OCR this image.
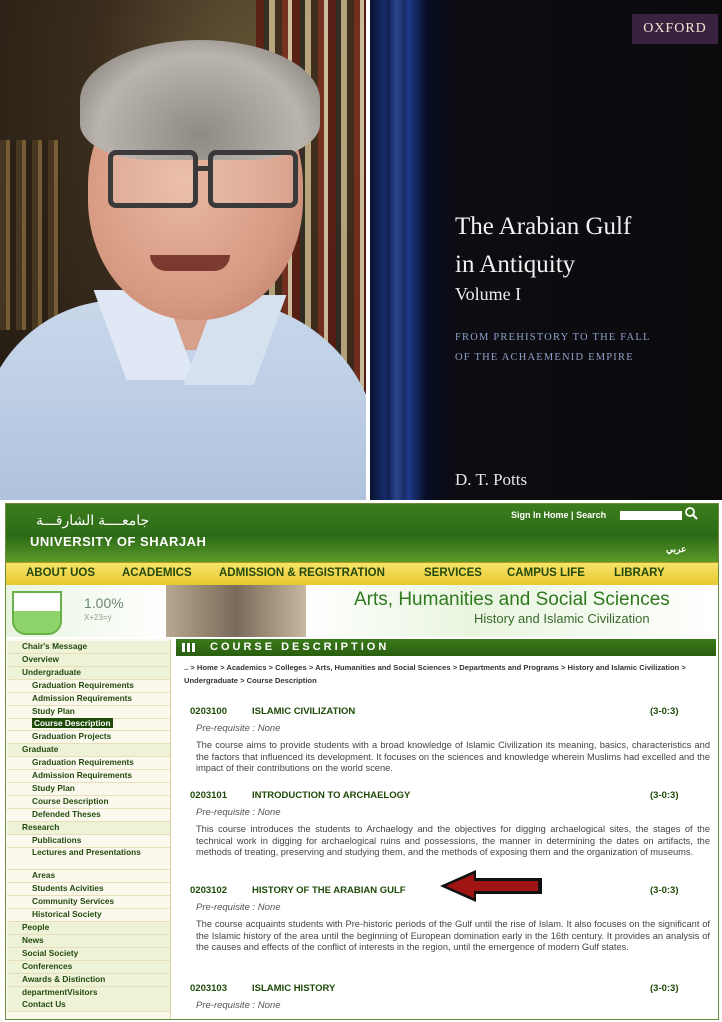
OXFORD
The Arabian Gulf
in Antiquity
Volume I
FROM PREHISTORY TO THE FALL
OF THE ACHAEMENID EMPIRE
D. T. Potts
جامعــــة الشارقـــة
UNIVERSITY OF SHARJAH
Sign In Home | Search
عربي
ABOUT UOS ACADEMICS ADMISSION & REGISTRATION	SERVICES CAMPUS LIFE	LIBRARY
1.00%
X+23=y
Arts, Humanities and Social Sciences
History and Islamic Civilization
Chair's Message
Overview
Undergraduate
Graduation Requirements
Admission Requirements
Study Plan
Course Description
Graduation Projects
Graduate
Graduation Requirements
Admission Requirements
Study Plan
Course Description
Defended Theses
Research
Publications
Lectures and Presentations
Areas
Students Acivities
Community Services
Historical Society
People
News
Social Society
Conferences
Awards & Distinction
departmentVisitors
Contact Us
COURSE DESCRIPTION
.. > Home > Academics > Colleges > Arts, Humanities and Social Sciences > Departments and Programs > History and Islamic Civilization > Undergraduate > Course Description
0203100	ISLAMIC CIVILIZATION	(3-0:3)
Pre-requisite : None
The course aims to provide students with a broad knowledge of Islamic Civilization its meaning, basics, characteristics and the factors that influenced its development. It focuses on the sciences and knowledge wherein Muslims had excelled and the impact of their contributions on the world scene.
0203101	INTRODUCTION TO ARCHAELOGY	(3-0:3)
Pre-requisite : None
This course introduces the students to Archaelogy and the objectives for digging archaelogical sites, the stages of the technical work in digging for archaelogical ruins and possessions, the manner in determining the dates on artifacts, the methods of treating, preserving and studying them, and the methods of exposing them and the organization of museums.
0203102	HISTORY OF THE ARABIAN GULF	(3-0:3)
Pre-requisite : None
The course acquaints students with Pre-historic periods of the Gulf until the rise of Islam. It also focuses on the significant of the Islamic history of the area until the beginning of European domination early in the 16th century. It provides an analysis of the causes and effects of the conflict of interests in the region, until the emergence of modern Gulf states.
0203103	ISLAMIC HISTORY	(3-0:3)
Pre-requisite : None
